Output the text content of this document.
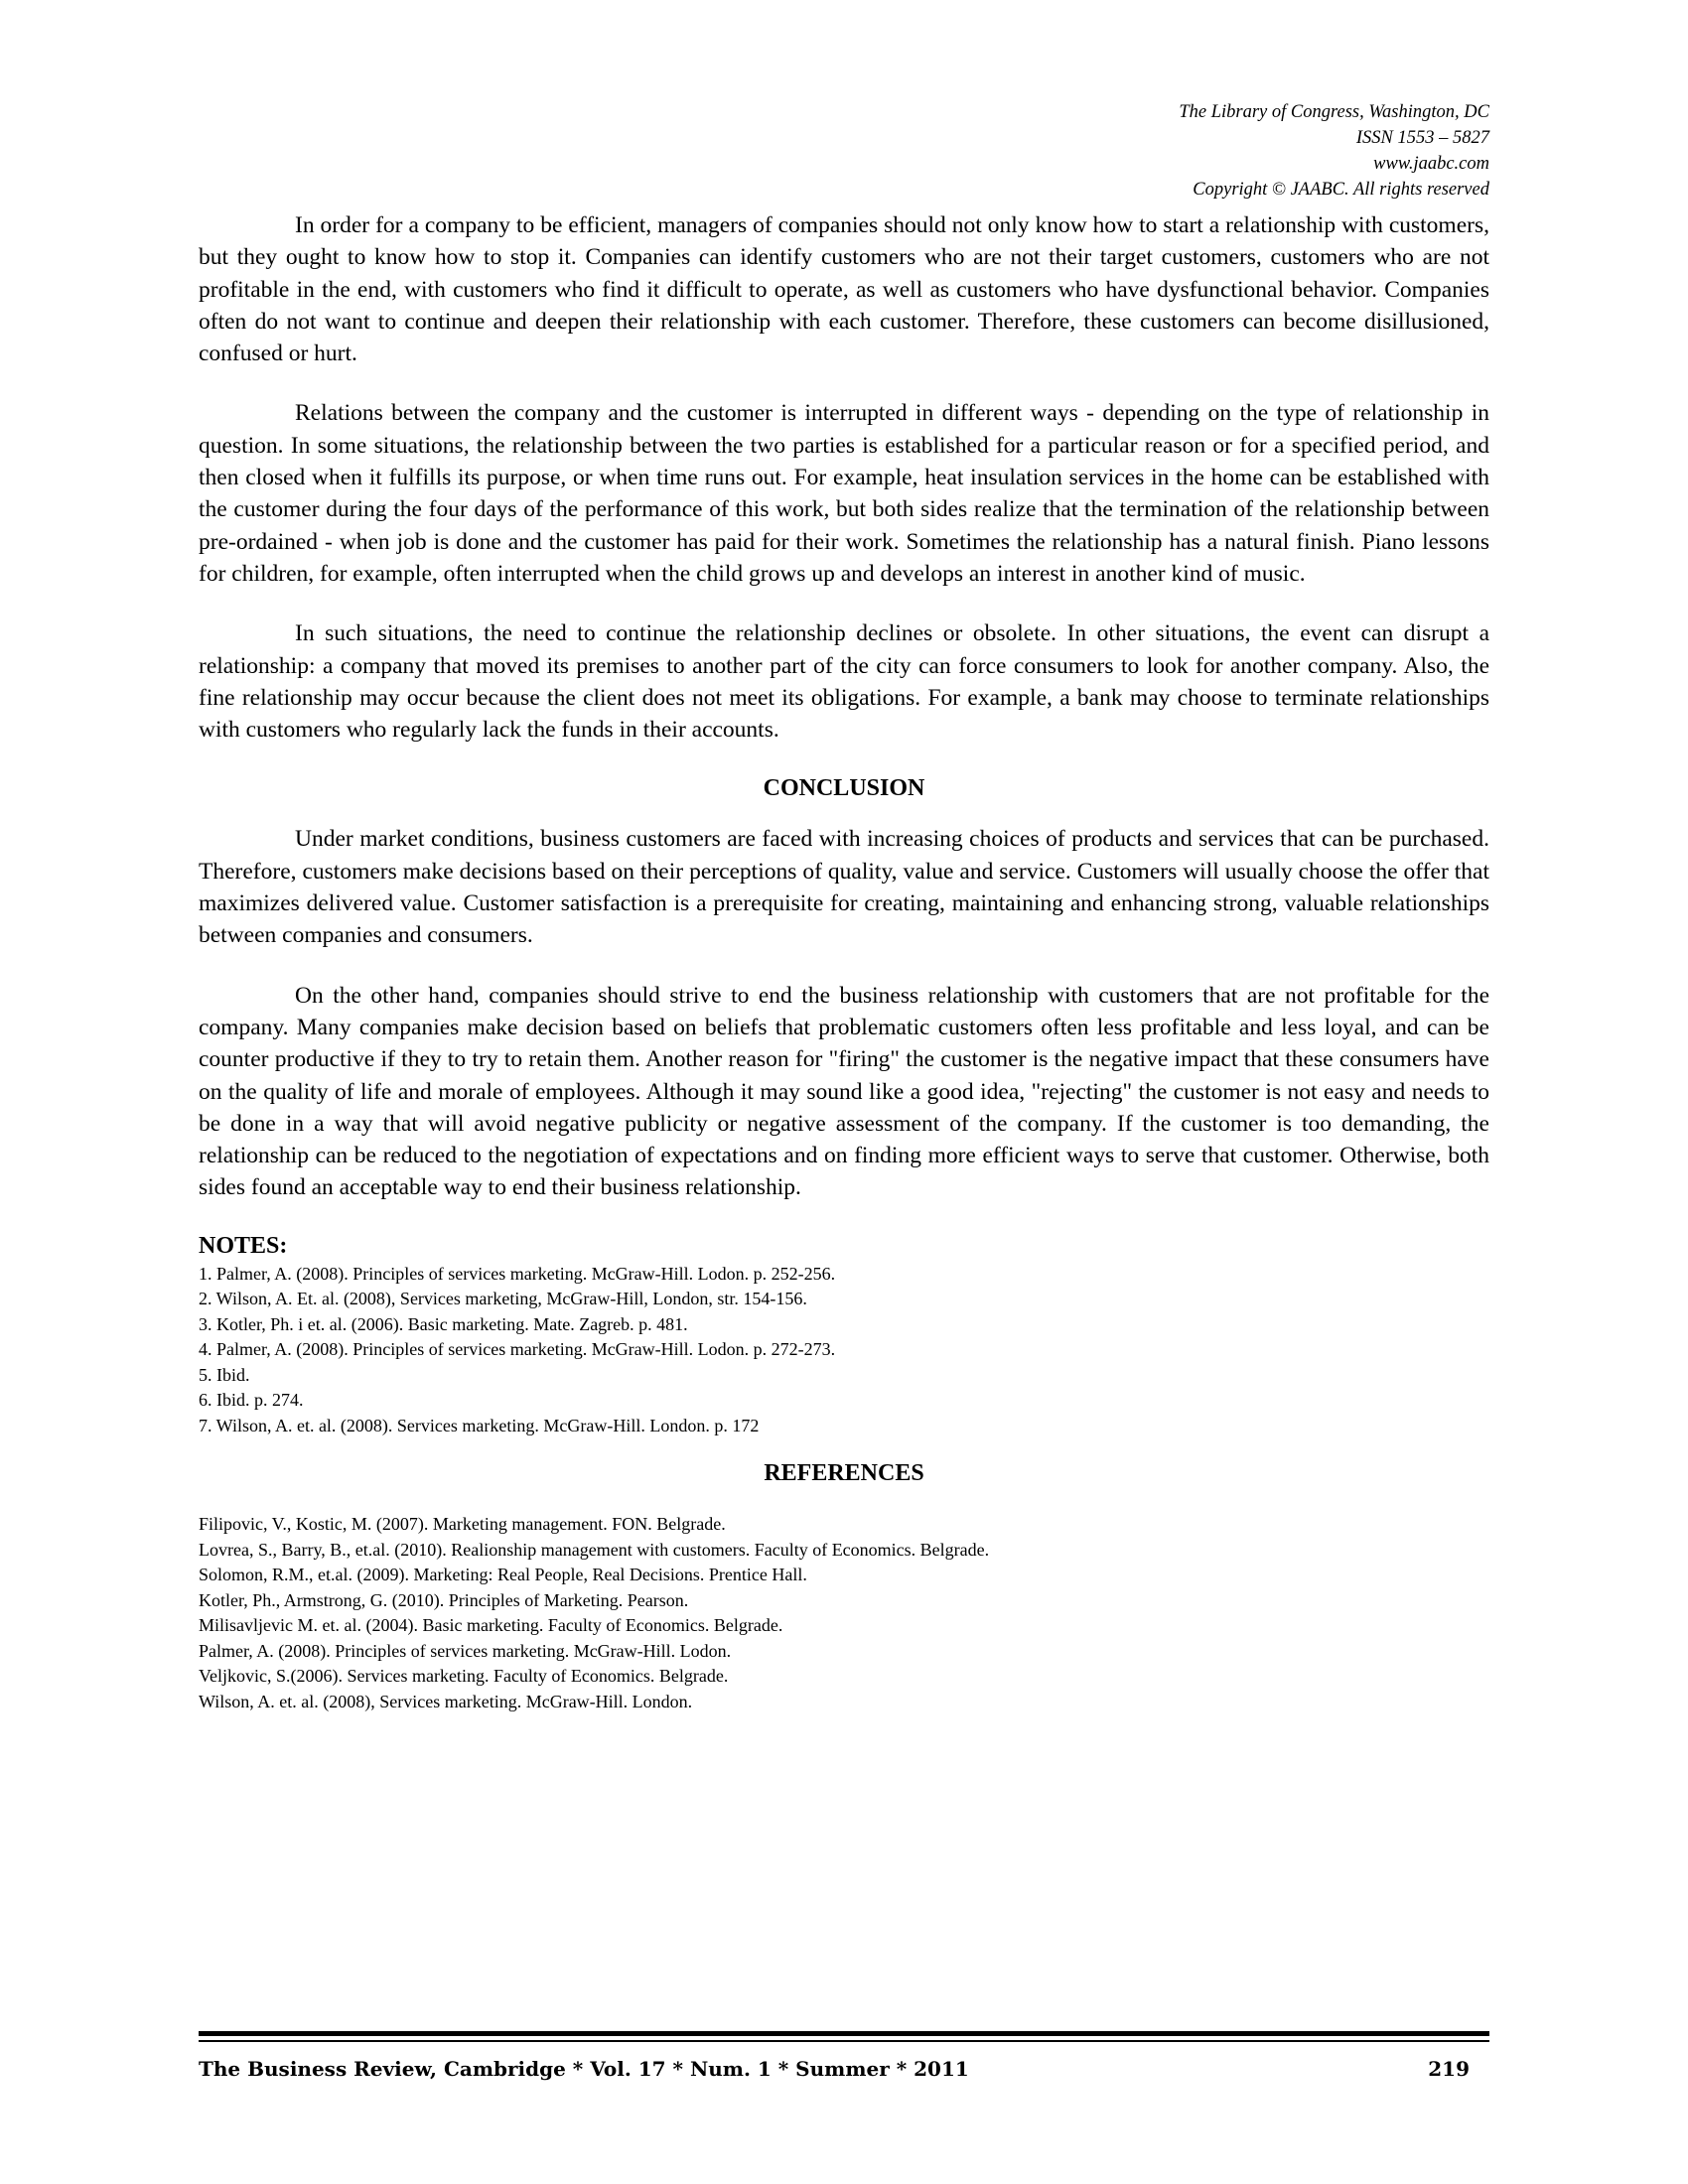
The Library of Congress, Washington, DC
ISSN 1553 – 5827
www.jaabc.com
Copyright © JAABC. All rights reserved

In order for a company to be efficient, managers of companies should not only know how to start a relationship with customers, but they ought to know how to stop it. Companies can identify customers who are not their target customers, customers who are not profitable in the end, with customers who find it difficult to operate, as well as customers who have dysfunctional behavior. Companies often do not want to continue and deepen their relationship with each customer. Therefore, these customers can become disillusioned, confused or hurt.

Relations between the company and the customer is interrupted in different ways - depending on the type of relationship in question. In some situations, the relationship between the two parties is established for a particular reason or for a specified period, and then closed when it fulfills its purpose, or when time runs out. For example, heat insulation services in the home can be established with the customer during the four days of the performance of this work, but both sides realize that the termination of the relationship between pre-ordained - when job is done and the customer has paid for their work. Sometimes the relationship has a natural finish. Piano lessons for children, for example, often interrupted when the child grows up and develops an interest in another kind of music.

In such situations, the need to continue the relationship declines or obsolete. In other situations, the event can disrupt a relationship: a company that moved its premises to another part of the city can force consumers to look for another company. Also, the fine relationship may occur because the client does not meet its obligations. For example, a bank may choose to terminate relationships with customers who regularly lack the funds in their accounts.

CONCLUSION

Under market conditions, business customers are faced with increasing choices of products and services that can be purchased. Therefore, customers make decisions based on their perceptions of quality, value and service. Customers will usually choose the offer that maximizes delivered value. Customer satisfaction is a prerequisite for creating, maintaining and enhancing strong, valuable relationships between companies and consumers.

On the other hand, companies should strive to end the business relationship with customers that are not profitable for the company. Many companies make decision based on beliefs that problematic customers often less profitable and less loyal, and can be counter productive if they to try to retain them. Another reason for "firing" the customer is the negative impact that these consumers have on the quality of life and morale of employees. Although it may sound like a good idea, "rejecting" the customer is not easy and needs to be done in a way that will avoid negative publicity or negative assessment of the company. If the customer is too demanding, the relationship can be reduced to the negotiation of expectations and on finding more efficient ways to serve that customer. Otherwise, both sides found an acceptable way to end their business relationship.

NOTES:
1. Palmer, A. (2008). Principles of services marketing. McGraw-Hill. Lodon. p. 252-256.
2. Wilson, A. Et. al. (2008), Services marketing, McGraw-Hill, London, str. 154-156.
3. Kotler, Ph. i et. al. (2006). Basic marketing. Mate. Zagreb. p. 481.
4. Palmer, A. (2008). Principles of services marketing. McGraw-Hill. Lodon. p. 272-273.
5. Ibid.
6. Ibid. p. 274.
7. Wilson, A. et. al. (2008). Services marketing. McGraw-Hill. London. p. 172
REFERENCES
Filipovic, V., Kostic, M. (2007). Marketing management. FON. Belgrade.
Lovrea, S., Barry, B., et.al. (2010). Realionship management with customers. Faculty of Economics. Belgrade.
Solomon, R.M., et.al. (2009). Marketing: Real People, Real Decisions. Prentice Hall.
Kotler, Ph., Armstrong, G. (2010). Principles of Marketing. Pearson.
Milisavljevic M. et. al. (2004). Basic marketing. Faculty of Economics. Belgrade.
Palmer, A. (2008). Principles of services marketing. McGraw-Hill. Lodon.
Veljkovic, S.(2006). Services marketing. Faculty of Economics. Belgrade.
Wilson, A. et. al. (2008), Services marketing. McGraw-Hill. London.
The Business Review, Cambridge * Vol. 17 * Num. 1 * Summer * 2011	219
